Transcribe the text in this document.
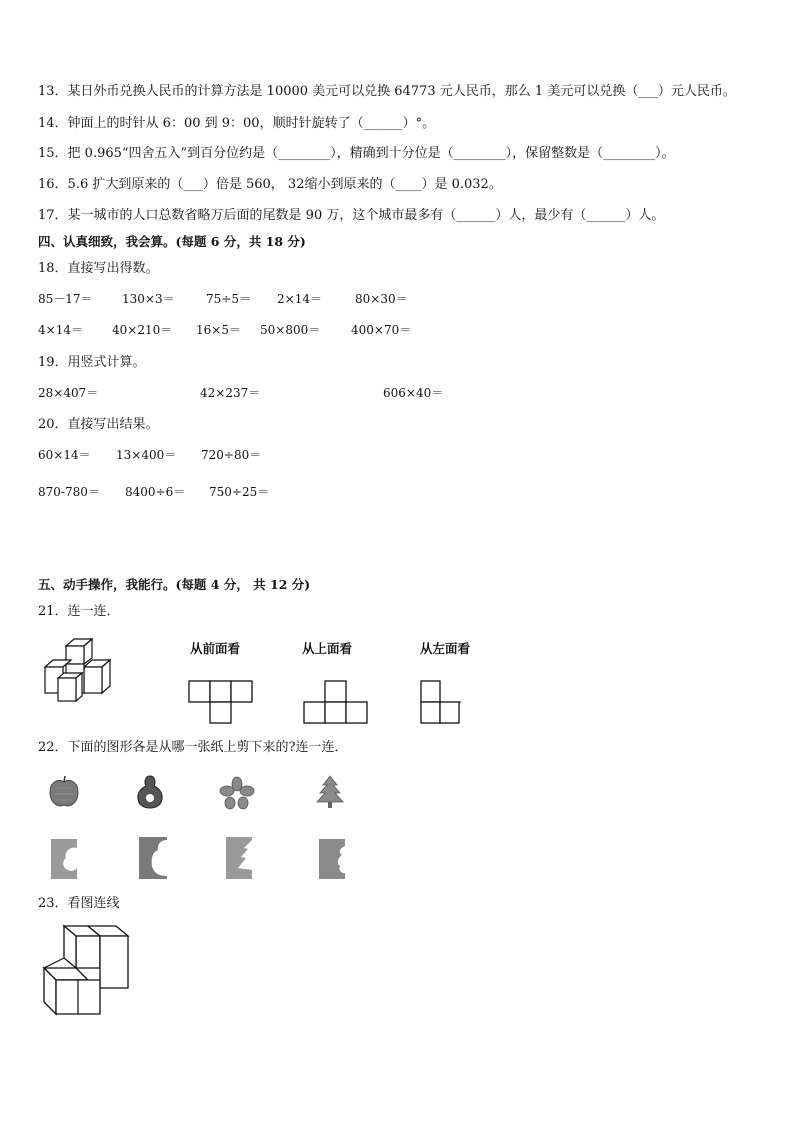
13．某日外币兑换人民币的计算方法是 10000 美元可以兑换 64773 元人民币，那么 1 美元可以兑换（___）元人民币。
14．钟面上的时针从 6：00 到 9：00，顺时针旋转了（______）°。
15．把 0.965“四舍五入”到百分位约是（________），精确到十分位是（________），保留整数是（________）。
16．5.6 扩大到原来的（___）倍是 560， 32缩小到原来的（____）是 0.032。
17．某一城市的人口总数省略万后面的尾数是 90 万，这个城市最多有（______）人，最少有（______）人。
四、认真细致，我会算。(每题 6 分，共 18 分)
18．直接写出得数。
85－17＝ 130×3＝	75÷5＝ 2×14＝	80×30＝
4×14＝ 40×210＝ 16×5＝ 50×800＝	400×70＝
19．用竖式计算。
28×407＝	42×237＝	606×40＝
20．直接写出结果。
60×14＝ 13×400＝ 720÷80＝
870-780＝ 8400÷6＝ 750÷25＝
五、动手操作，我能行。(每题 4 分， 共 12 分)
21．连一连．
从前面看	从上面看	从左面看
22．下面的图形各是从哪一张纸上剪下来的?连一连．
23．看图连线
